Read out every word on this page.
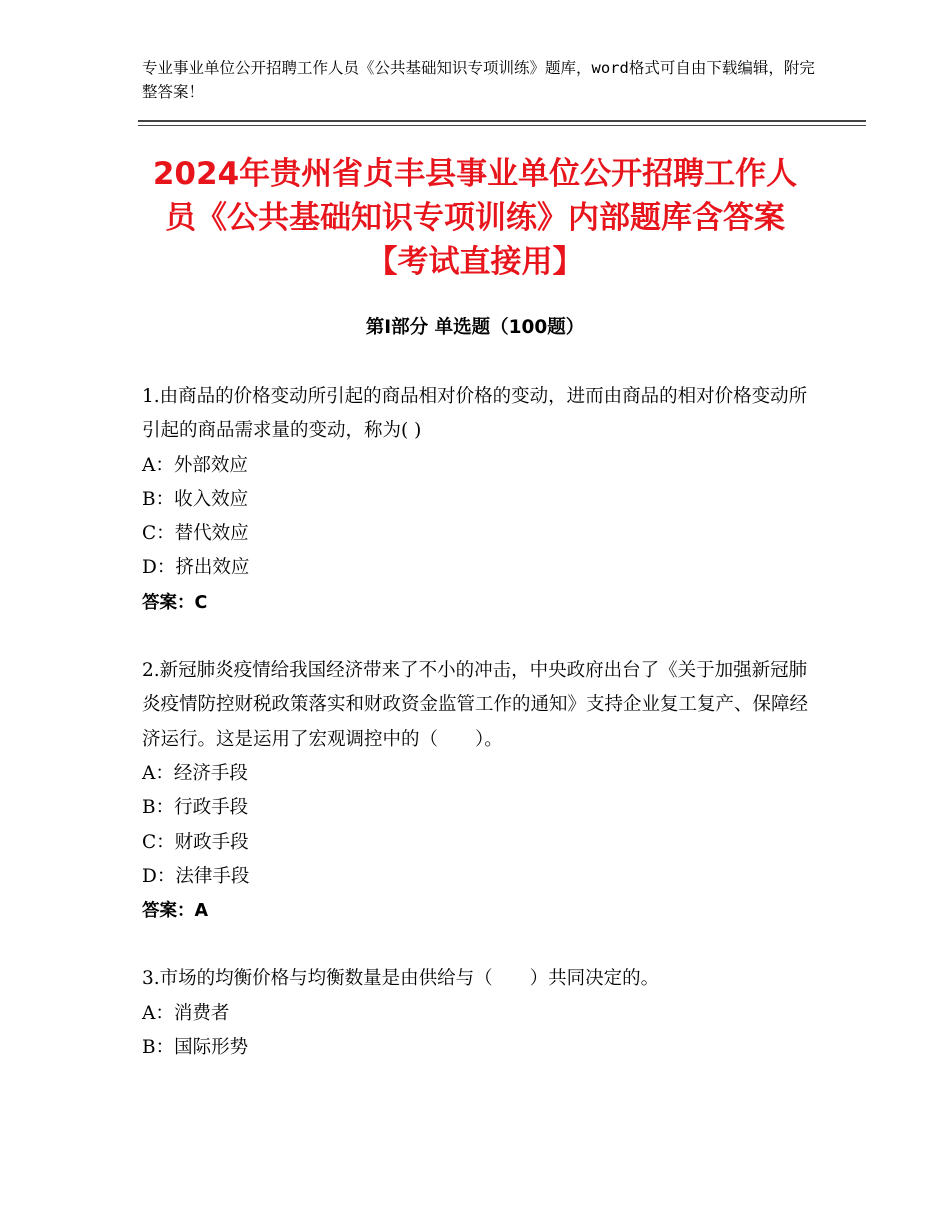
专业事业单位公开招聘工作人员《公共基础知识专项训练》题库，word格式可自由下载编辑，附完整答案！
2024年贵州省贞丰县事业单位公开招聘工作人员《公共基础知识专项训练》内部题库含答案【考试直接用】
第Ⅰ部分 单选题（100题）
1.由商品的价格变动所引起的商品相对价格的变动，进而由商品的相对价格变动所引起的商品需求量的变动，称为( )
A：外部效应
B：收入效应
C：替代效应
D：挤出效应
答案：C
2.新冠肺炎疫情给我国经济带来了不小的冲击，中央政府出台了《关于加强新冠肺炎疫情防控财税政策落实和财政资金监管工作的通知》支持企业复工复产、保障经济运行。这是运用了宏观调控中的（　　）。
A：经济手段
B：行政手段
C：财政手段
D：法律手段
答案：A
3.市场的均衡价格与均衡数量是由供给与（　　）共同决定的。
A：消费者
B：国际形势
